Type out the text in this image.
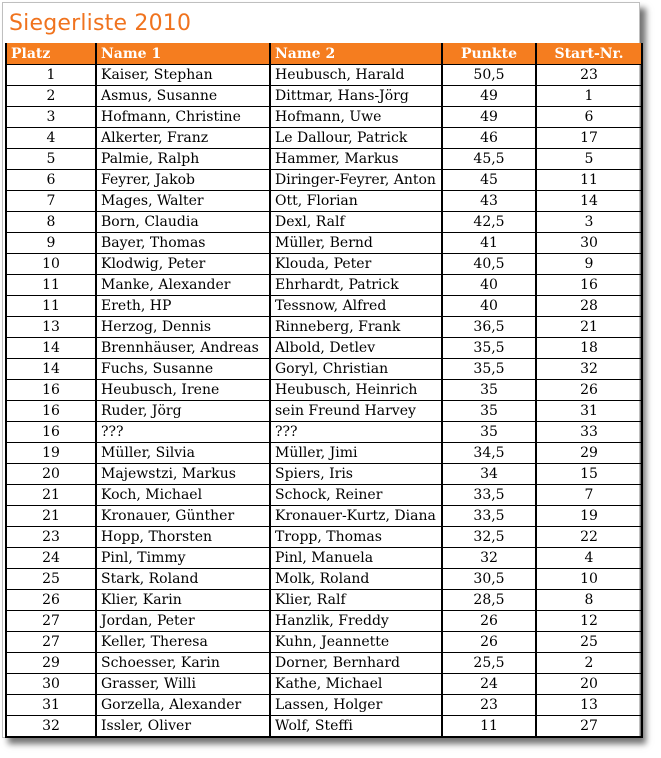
Siegerliste 2010
Platz	Name 1	Name 2	Punkte	Start-Nr.
1	Kaiser, Stephan	Heubusch, Harald	50,5	23
2	Asmus, Susanne	Dittmar, Hans-Jörg	49	1
3	Hofmann, Christine	Hofmann, Uwe	49	6
4	Alkerter, Franz	Le Dallour, Patrick	46	17
5	Palmie, Ralph	Hammer, Markus	45,5	5
6	Feyrer, Jakob	Diringer-Feyrer, Anton	45	11
7	Mages, Walter	Ott, Florian	43	14
8	Born, Claudia	Dexl, Ralf	42,5	3
9	Bayer, Thomas	Müller, Bernd	41	30
10	Klodwig, Peter	Klouda, Peter	40,5	9
11	Manke, Alexander	Ehrhardt, Patrick	40	16
11	Ereth, HP	Tessnow, Alfred	40	28
13	Herzog, Dennis	Rinneberg, Frank	36,5	21
14	Brennhäuser, Andreas	Albold, Detlev	35,5	18
14	Fuchs, Susanne	Goryl, Christian	35,5	32
16	Heubusch, Irene	Heubusch, Heinrich	35	26
16	Ruder, Jörg	sein Freund Harvey	35	31
16	???	???	35	33
19	Müller, Silvia	Müller, Jimi	34,5	29
20	Majewstzi, Markus	Spiers, Iris	34	15
21	Koch, Michael	Schock, Reiner	33,5	7
21	Kronauer, Günther	Kronauer-Kurtz, Diana	33,5	19
23	Hopp, Thorsten	Tropp, Thomas	32,5	22
24	Pinl, Timmy	Pinl, Manuela	32	4
25	Stark, Roland	Molk, Roland	30,5	10
26	Klier, Karin	Klier, Ralf	28,5	8
27	Jordan, Peter	Hanzlik, Freddy	26	12
27	Keller, Theresa	Kuhn, Jeannette	26	25
29	Schoesser, Karin	Dorner, Bernhard	25,5	2
30	Grasser, Willi	Kathe, Michael	24	20
31	Gorzella, Alexander	Lassen, Holger	23	13
32	Issler, Oliver	Wolf, Steffi	11	27
